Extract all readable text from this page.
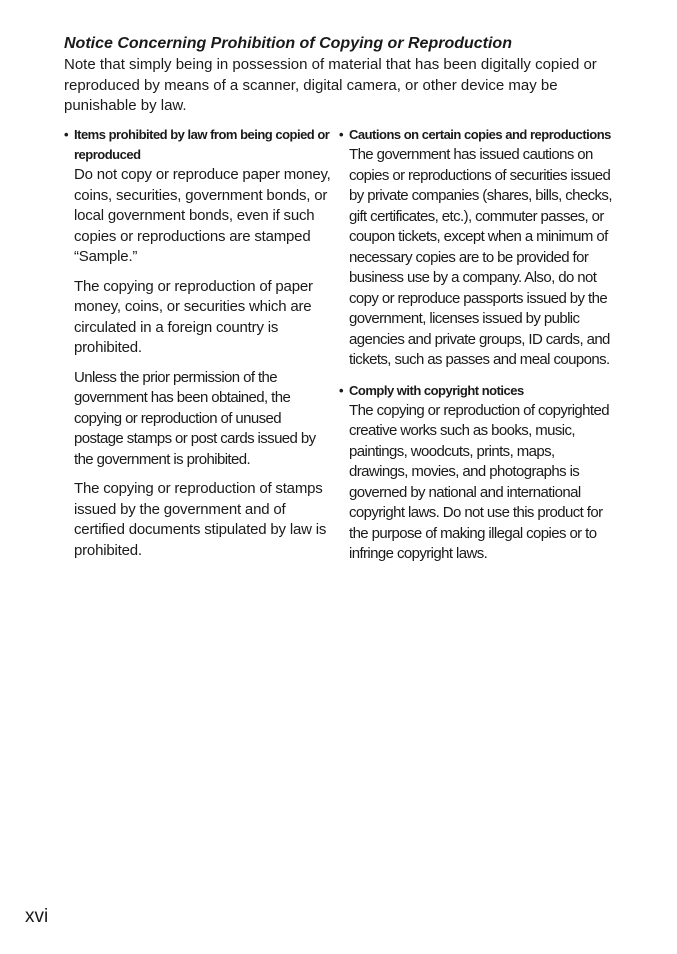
Notice Concerning Prohibition of Copying or Reproduction
Note that simply being in possession of material that has been digitally copied or reproduced by means of a scanner, digital camera, or other device may be punishable by law.
• Items prohibited by law from being copied or reproduced

Do not copy or reproduce paper money, coins, securities, government bonds, or local government bonds, even if such copies or reproductions are stamped “Sample.”

The copying or reproduction of paper money, coins, or securities which are circulated in a foreign country is prohibited.

Unless the prior permission of the government has been obtained, the copying or reproduction of unused postage stamps or post cards issued by the government is prohibited.

The copying or reproduction of stamps issued by the government and of certified documents stipulated by law is prohibited.

• Cautions on certain copies and reproductions

The government has issued cautions on copies or reproductions of securities issued by private companies (shares, bills, checks, gift certificates, etc.), commuter passes, or coupon tickets, except when a minimum of necessary copies are to be provided for business use by a company. Also, do not copy or reproduce passports issued by the government, licenses issued by public agencies and private groups, ID cards, and tickets, such as passes and meal coupons.

• Comply with copyright notices

The copying or reproduction of copyrighted creative works such as books, music, paintings, woodcuts, prints, maps, drawings, movies, and photographs is governed by national and international copyright laws. Do not use this product for the purpose of making illegal copies or to infringe copyright laws.

xvi
